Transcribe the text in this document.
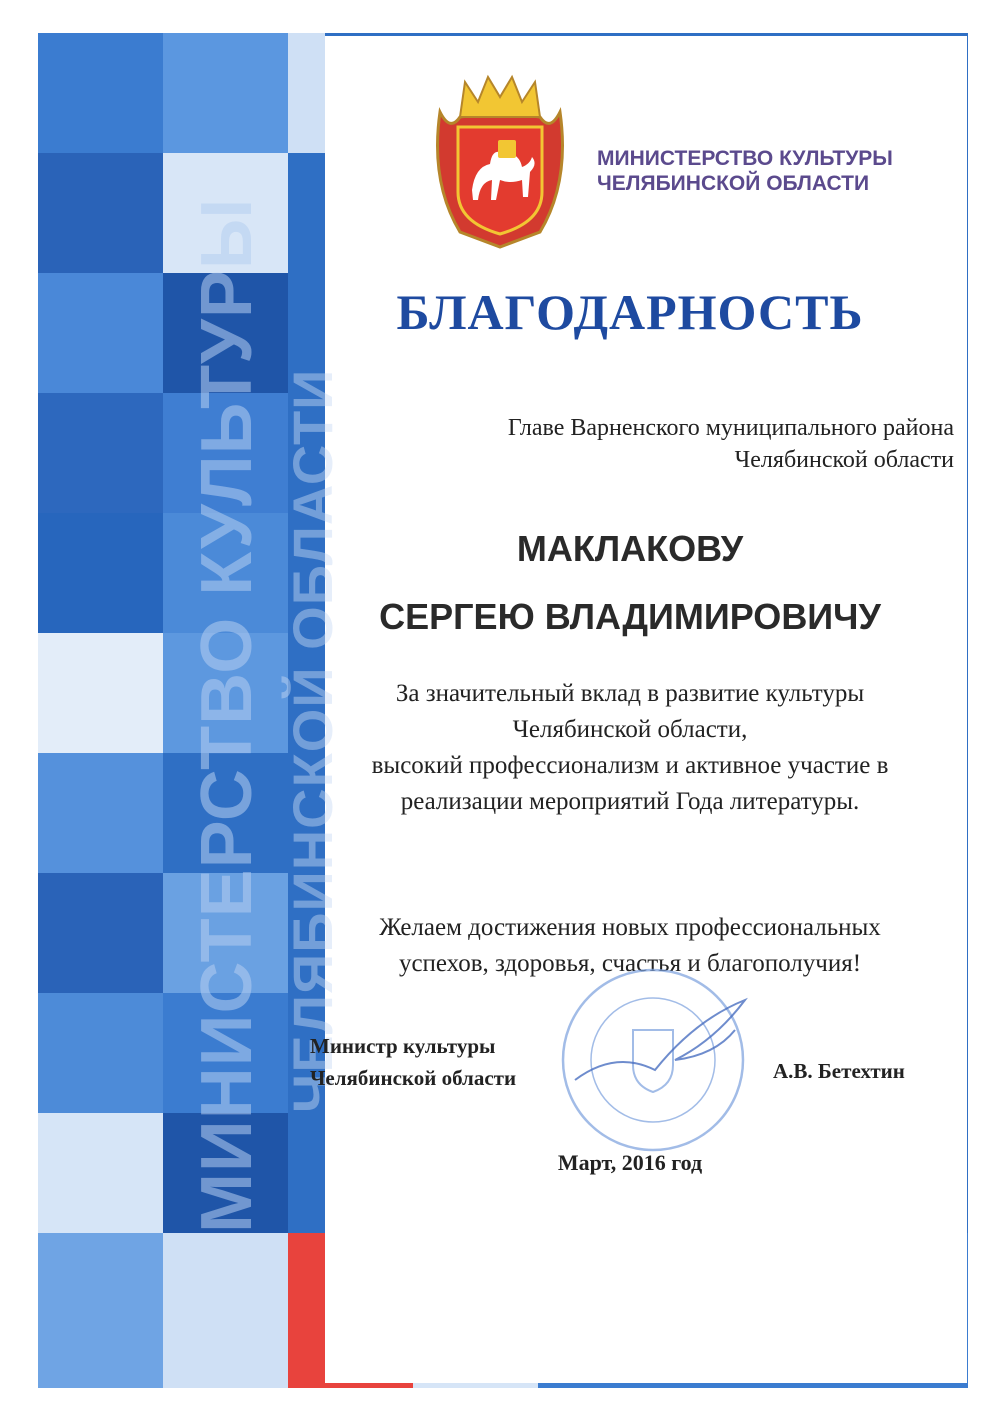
МИНИСТЕРСТВО КУЛЬТУРЫ ЧЕЛЯБИНСКОЙ ОБЛАСТИ
МИНИСТЕРСТВО КУЛЬТУРЫ
ЧЕЛЯБИНСКОЙ ОБЛАСТИ
БЛАГОДАРНОСТЬ
Главе Варненского муниципального района
Челябинской области
МАКЛАКОВУ
СЕРГЕЮ ВЛАДИМИРОВИЧУ
За значительный вклад в развитие культуры
Челябинской области,
высокий профессионализм и активное участие в
реализации мероприятий Года литературы.
Желаем достижения новых профессиональных
успехов, здоровья, счастья и благополучия!
Министр культуры
Челябинской области	А.В. Бетехтин
Март, 2016 год
